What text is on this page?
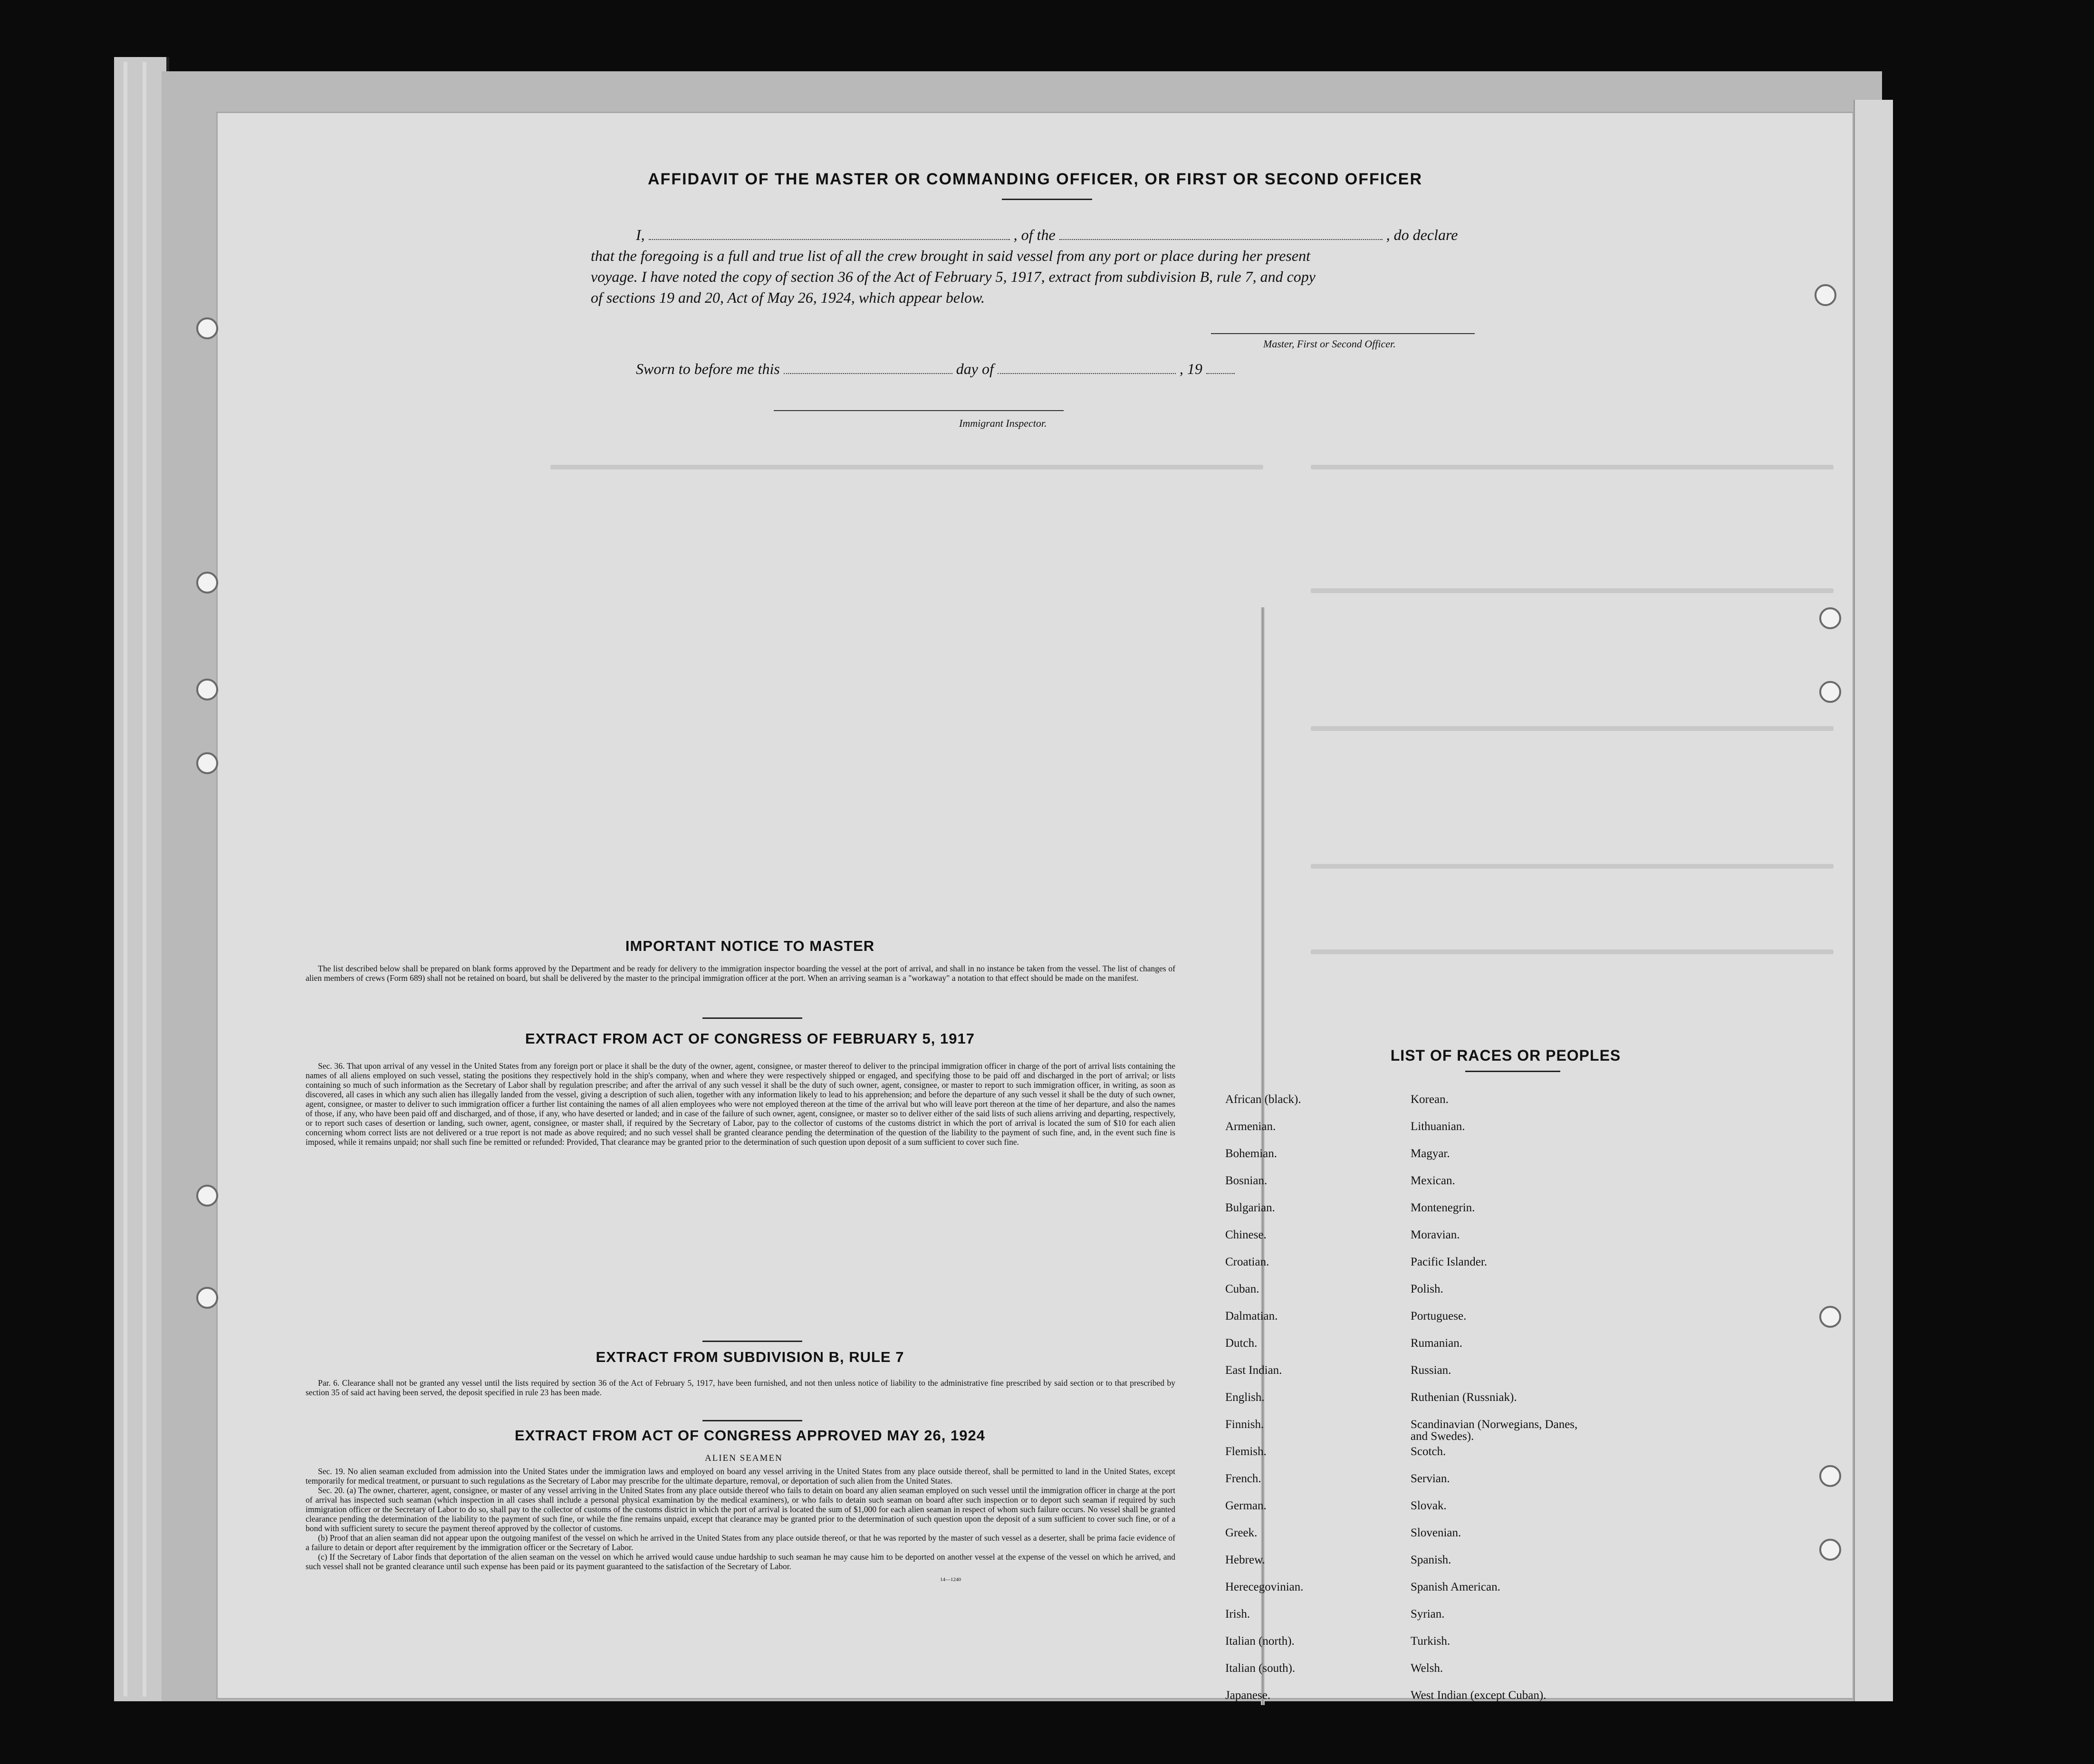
AFFIDAVIT OF THE MASTER OR COMMANDING OFFICER, OR FIRST OR SECOND OFFICER
I,	, of the	, do declare
that the foregoing is a full and true list of all the crew brought in said vessel from any port or place during her present
voyage. I have noted the copy of section 36 of the Act of February 5, 1917, extract from subdivision B, rule 7, and copy
of sections 19 and 20, Act of May 26, 1924, which appear below.
Master, First or Second Officer.
Sworn to before me this	day of	, 19
Immigrant Inspector.
IMPORTANT NOTICE TO MASTER

The list described below shall be prepared on blank forms approved by the Department and be ready for delivery to the immigration inspector boarding the vessel at the port of arrival, and shall in no instance be taken from the vessel. The list of changes of alien members of crews (Form 689) shall not be retained on board, but shall be delivered by the master to the principal immigration officer at the port. When an arriving seaman is a "workaway" a notation to that effect should be made on the manifest.

EXTRACT FROM ACT OF CONGRESS OF FEBRUARY 5, 1917

Sec. 36. That upon arrival of any vessel in the United States from any foreign port or place it shall be the duty of the owner, agent, consignee, or master thereof to deliver to the principal immigration officer in charge of the port of arrival lists containing the names of all aliens employed on such vessel, stating the positions they respectively hold in the ship's company, when and where they were respectively shipped or engaged, and specifying those to be paid off and discharged in the port of arrival; or lists containing so much of such information as the Secretary of Labor shall by regulation prescribe; and after the arrival of any such vessel it shall be the duty of such owner, agent, consignee, or master to report to such immigration officer, in writing, as soon as discovered, all cases in which any such alien has illegally landed from the vessel, giving a description of such alien, together with any information likely to lead to his apprehension; and before the departure of any such vessel it shall be the duty of such owner, agent, consignee, or master to deliver to such immigration officer a further list containing the names of all alien employees who were not employed thereon at the time of the arrival but who will leave port thereon at the time of her departure, and also the names of those, if any, who have been paid off and discharged, and of those, if any, who have deserted or landed; and in case of the failure of such owner, agent, consignee, or master so to deliver either of the said lists of such aliens arriving and departing, respectively, or to report such cases of desertion or landing, such owner, agent, consignee, or master shall, if required by the Secretary of Labor, pay to the collector of customs of the customs district in which the port of arrival is located the sum of $10 for each alien concerning whom correct lists are not delivered or a true report is not made as above required; and no such vessel shall be granted clearance pending the determination of the question of the liability to the payment of such fine, and, in the event such fine is imposed, while it remains unpaid; nor shall such fine be remitted or refunded: Provided, That clearance may be granted prior to the determination of such question upon deposit of a sum sufficient to cover such fine.

EXTRACT FROM SUBDIVISION B, RULE 7

Par. 6. Clearance shall not be granted any vessel until the lists required by section 36 of the Act of February 5, 1917, have been furnished, and not then unless notice of liability to the administrative fine prescribed by said section or to that prescribed by section 35 of said act having been served, the deposit specified in rule 23 has been made.

EXTRACT FROM ACT OF CONGRESS APPROVED MAY 26, 1924
ALIEN SEAMEN

Sec. 19. No alien seaman excluded from admission into the United States under the immigration laws and employed on board any vessel arriving in the United States from any place outside thereof, shall be permitted to land in the United States, except temporarily for medical treatment, or pursuant to such regulations as the Secretary of Labor may prescribe for the ultimate departure, removal, or deportation of such alien from the United States.

Sec. 20. (a) The owner, charterer, agent, consignee, or master of any vessel arriving in the United States from any place outside thereof who fails to detain on board any alien seaman employed on such vessel until the immigration officer in charge at the port of arrival has inspected such seaman (which inspection in all cases shall include a personal physical examination by the medical examiners), or who fails to detain such seaman on board after such inspection or to deport such seaman if required by such immigration officer or the Secretary of Labor to do so, shall pay to the collector of customs of the customs district in which the port of arrival is located the sum of $1,000 for each alien seaman in respect of whom such failure occurs. No vessel shall be granted clearance pending the determination of the liability to the payment of such fine, or while the fine remains unpaid, except that clearance may be granted prior to the determination of such question upon the deposit of a sum sufficient to cover such fine, or of a bond with sufficient surety to secure the payment thereof approved by the collector of customs.

(b) Proof that an alien seaman did not appear upon the outgoing manifest of the vessel on which he arrived in the United States from any place outside thereof, or that he was reported by the master of such vessel as a deserter, shall be prima facie evidence of a failure to detain or deport after requirement by the immigration officer or the Secretary of Labor.

(c) If the Secretary of Labor finds that deportation of the alien seaman on the vessel on which he arrived would cause undue hardship to such seaman he may cause him to be deported on another vessel at the expense of the vessel on which he arrived, and such vessel shall not be granted clearance until such expense has been paid or its payment guaranteed to the satisfaction of the Secretary of Labor.

14—1240
LIST OF RACES OR PEOPLES
African (black).
Armenian.
Bohemian.
Bosnian.
Bulgarian.
Chinese.
Croatian.
Cuban.
Dalmatian.
Dutch.
East Indian.
English.
Finnish.
Flemish.
French.
German.
Greek.
Hebrew.
Herecegovinian.
Irish.
Italian (north).
Italian (south).
Japanese.
Korean.
Lithuanian.
Magyar.
Mexican.
Montenegrin.
Moravian.
Pacific Islander.
Polish.
Portuguese.
Rumanian.
Russian.
Ruthenian (Russniak).
Scandinavian (Norwegians, Danes, and Swedes).
Scotch.
Servian.
Slovak.
Slovenian.
Spanish.
Spanish American.
Syrian.
Turkish.
Welsh.
West Indian (except Cuban).
